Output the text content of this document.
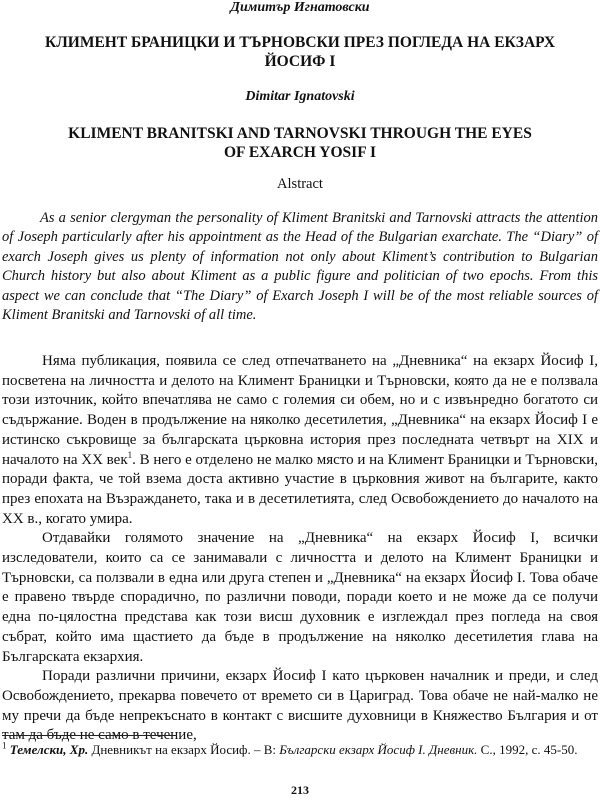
Димитър Игнатовски
КЛИМЕНТ БРАНИЦКИ И ТЪРНОВСКИ ПРЕЗ ПОГЛЕДА НА ЕКЗАРХ
ЙОСИФ I
Dimitar Ignatovski
KLIMENT BRANITSKI AND TARNOVSKI THROUGH THE EYES
OF EXARCH YOSIF I
Alstract

As a senior clergyman the personality of Kliment Branitski and Tarnovski attracts the attention of Joseph particularly after his appointment as the Head of the Bulgarian exarchate. The “Diary” of exarch Joseph gives us plenty of information not only about Kliment’s contribution to Bulgarian Church history but also about Kliment as a public figure and politician of two epochs. From this aspect we can conclude that “The Diary” of Exarch Joseph I will be of the most reliable sources of Kliment Branitski and Tarnovski of all time.

Няма публикация, появила се след отпечатването на „Дневника“ на екзарх Йосиф I, посветена на личността и делото на Климент Браницки и Търновски, която да не е ползвала този източник, който впечатлява не само с големия си обем, но и с извънредно богатото си съдържание. Воден в продължение на няколко десетилетия, „Дневника“ на екзарх Йосиф I е истинско съкровище за българската църковна история през последната четвърт на XIX и началото на XX век$^1$. В него е отделено не малко място и на Климент Браницки и Търновски, поради факта, че той взема доста активно участие в църковния живот на българите, както през епохата на Възраждането, така и в десетилетията, след Освобождението до началото на XX в., когато умира.

Отдавайки голямото значение на „Дневника“ на екзарх Йосиф I, всички изследователи, които са се занимавали с личността и делото на Климент Браницки и Търновски, са ползвали в една или друга степен и „Дневника“ на екзарх Йосиф I. Това обаче е правено твърде спорадично, по различни поводи, поради което и не може да се получи една по-цялостна представа как този висш духовник е изглеждал през погледа на своя събрат, който има щастието да бъде в продължение на няколко десетилетия глава на Българската екзархия.

Поради различни причини, екзарх Йосиф I като църковен началник и преди, и след Освобождението, прекарва повечето от времето си в Цариград. Това обаче не най-малко не му пречи да бъде непрекъснато в контакт с висшите духовници в Княжество България и от там да бъде не само в течение,

$^1$ Темелски, Хр. Дневникът на екзарх Йосиф. – В: Български екзарх Йосиф I. Дневник. С., 1992, с. 45-50.

213
